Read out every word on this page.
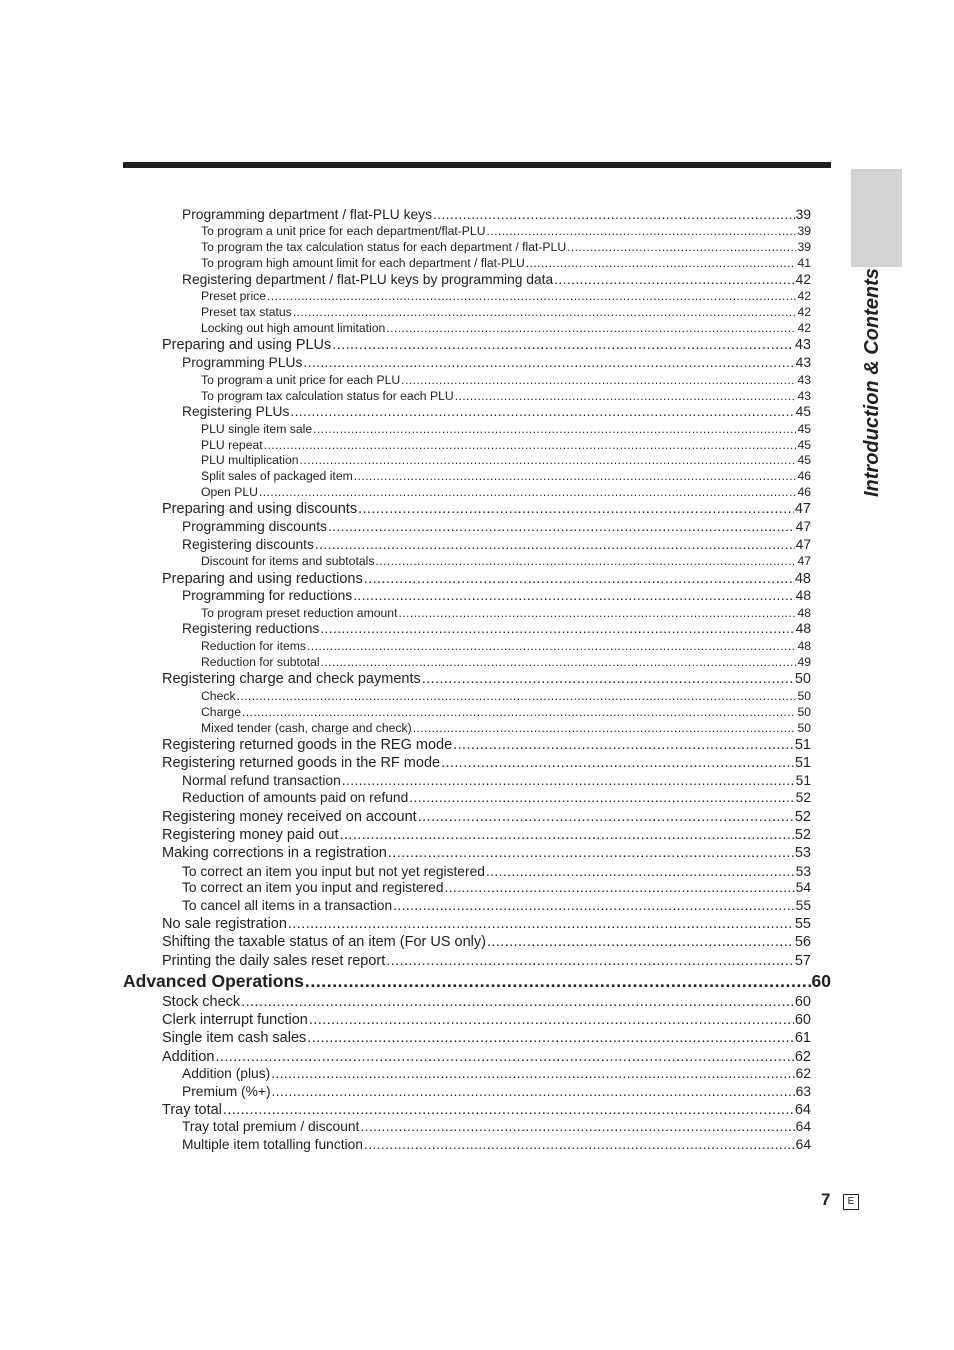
Introduction & Contents
Programming department / flat-PLU keys .....	39
To program a unit price for each department/flat-PLU .....	39
To program the tax calculation status for each department / flat-PLU .....	39
To program high amount limit for each department / flat-PLU .....	41
Registering department / flat-PLU keys by programming data .....	42
Preset price .....	42
Preset tax status .....	42
Locking out high amount limitation .....	42
Preparing and using PLUs .....	43
Programming PLUs .....	43
To program a unit price for each PLU .....	43
To program tax calculation status for each PLU .....	43
Registering PLUs .....	45
PLU single item sale .....	45
PLU repeat .....	45
PLU multiplication .....	45
Split sales of packaged item .....	46
Open PLU .....	46
Preparing and using discounts .....	47
Programming discounts .....	47
Registering discounts .....	47
Discount for items and subtotals .....	47
Preparing and using reductions .....	48
Programming for reductions .....	48
To program preset reduction amount .....	48
Registering reductions .....	48
Reduction for items .....	48
Reduction for subtotal .....	49
Registering charge and check payments .....	50
Check .....	50
Charge .....	50
Mixed tender (cash, charge and check) .....	50
Registering returned goods in the REG mode .....	51
Registering returned goods in the RF mode .....	51
Normal refund transaction .....	51
Reduction of amounts paid on refund .....	52
Registering money received on account .....	52
Registering money paid out .....	52
Making corrections in a registration .....	53
To correct an item you input but not yet registered .....	53
To correct an item you input and registered .....	54
To cancel all items in a transaction .....	55
No sale registration .....	55
Shifting the taxable status of an item (For US only) .....	56
Printing the daily sales reset report .....	57
Advanced Operations .....	60
Stock check .....	60
Clerk interrupt function .....	60
Single item cash sales .....	61
Addition .....	62
Addition (plus) .....	62
Premium (%+) .....	63
Tray total .....	64
Tray total premium / discount .....	64
Multiple item totalling function .....	64
7	E
